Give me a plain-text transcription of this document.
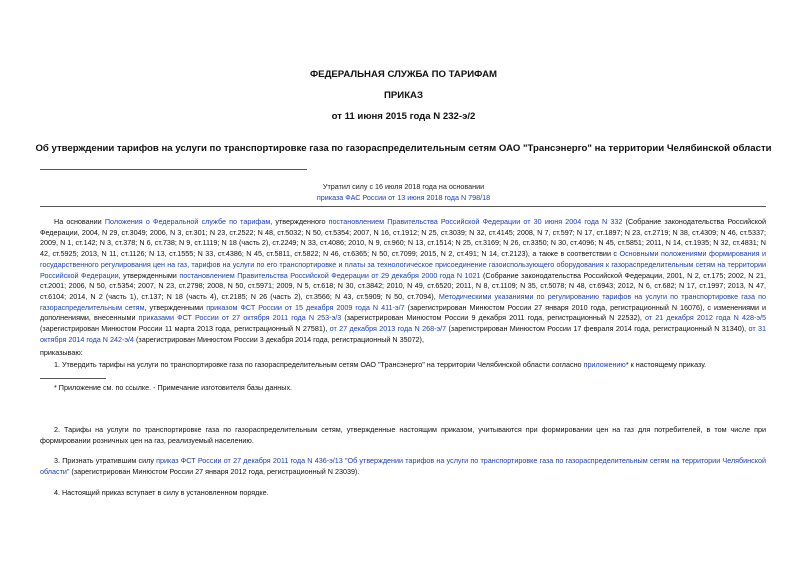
ФЕДЕРАЛЬНАЯ СЛУЖБА ПО ТАРИФАМ
ПРИКАЗ
от 11 июня 2015 года N 232-э/2
Об утверждении тарифов на услуги по транспортировке газа по газораспределительным сетям ОАО "Трансэнерго" на территории Челябинской области
Утратил силу с 16 июля 2018 года на основании
приказа ФАС России от 13 июня 2018 года N 798/18

На основании Положения о Федеральной службе по тарифам, утвержденного постановлением Правительства Российской Федерации от 30 июня 2004 года N 332 (Собрание законодательства Российской Федерации, 2004, N 29, ст.3049; 2006, N 3, ст.301; N 23, ст.2522; N 48, ст.5032; N 50, ст.5354; 2007, N 16, ст.1912; N 25, ст.3039; N 32, ст.4145; 2008, N 7, ст.597; N 17, ст.1897; N 23, ст.2719; N 38, ст.4309; N 46, ст.5337; 2009, N 1, ст.142; N 3, ст.378; N 6, ст.738; N 9, ст.1119; N 18 (часть 2), ст.2249; N 33, ст.4086; 2010, N 9, ст.960; N 13, ст.1514; N 25, ст.3169; N 26, ст.3350; N 30, ст.4096; N 45, ст.5851; 2011, N 14, ст.1935; N 32, ст.4831; N 42, ст.5925; 2013, N 11, ст.1126; N 13, ст.1555; N 33, ст.4386; N 45, ст.5811, ст.5822; N 46, ст.6365; N 50, ст.7099; 2015, N 2, ст.491; N 14, ст.2123), а также в соответствии с Основными положениями формирования и государственного регулирования цен на газ, тарифов на услуги по его транспортировке и платы за технологическое присоединение газоиспользующего оборудования к газораспределительным сетям на территории Российской Федерации, утвержденными постановлением Правительства Российской Федерации от 29 декабря 2000 года N 1021 (Собрание законодательства Российской Федерации, 2001, N 2, ст.175; 2002, N 21, ст.2001; 2006, N 50, ст.5354; 2007, N 23, ст.2798; 2008, N 50, ст.5971; 2009, N 5, ст.618; N 30, ст.3842; 2010, N 49, ст.6520; 2011, N 8, ст.1109; N 35, ст.5078; N 48, ст.6943; 2012, N 6, ст.682; N 17, ст.1997; 2013, N 47, ст.6104; 2014, N 2 (часть 1), ст.137; N 18 (часть 4), ст.2185; N 26 (часть 2), ст.3566; N 43, ст.5909; N 50, ст.7094), Методическими указаниями по регулированию тарифов на услуги по транспортировке газа по газораспределительным сетям, утвержденными приказом ФСТ России от 15 декабря 2009 года N 411-э/7 (зарегистрирован Минюстом России 27 января 2010 года, регистрационный N 16076), с изменениями и дополнениями, внесенными приказами ФСТ России от 27 октября 2011 года N 253-э/3 (зарегистрирован Минюстом России 9 декабря 2011 года, регистрационный N 22532), от 21 декабря 2012 года N 428-э/5 (зарегистрирован Минюстом России 11 марта 2013 года, регистрационный N 27581), от 27 декабря 2013 года N 268-э/7 (зарегистрирован Минюстом России 17 февраля 2014 года, регистрационный N 31340), от 31 октября 2014 года N 242-э/4 (зарегистрирован Минюстом России 3 декабря 2014 года, регистрационный N 35072),

приказываю:

1. Утвердить тарифы на услуги по транспортировке газа по газораспределительным сетям ОАО "Трансэнерго" на территории Челябинской области согласно приложению* к настоящему приказу.

* Приложение см. по ссылке. - Примечание изготовителя базы данных.

2. Тарифы на услуги по транспортировке газа по газораспределительным сетям, утвержденные настоящим приказом, учитываются при формировании цен на газ для потребителей, в том числе при формировании розничных цен на газ, реализуемый населению.

3. Признать утратившим силу приказ ФСТ России от 27 декабря 2011 года N 436-э/13 "Об утверждении тарифов на услуги по транспортировке газа по газораспределительным сетям на территории Челябинской области" (зарегистрирован Минюстом России 27 января 2012 года, регистрационный N 23039).

4. Настоящий приказ вступает в силу в установленном порядке.
